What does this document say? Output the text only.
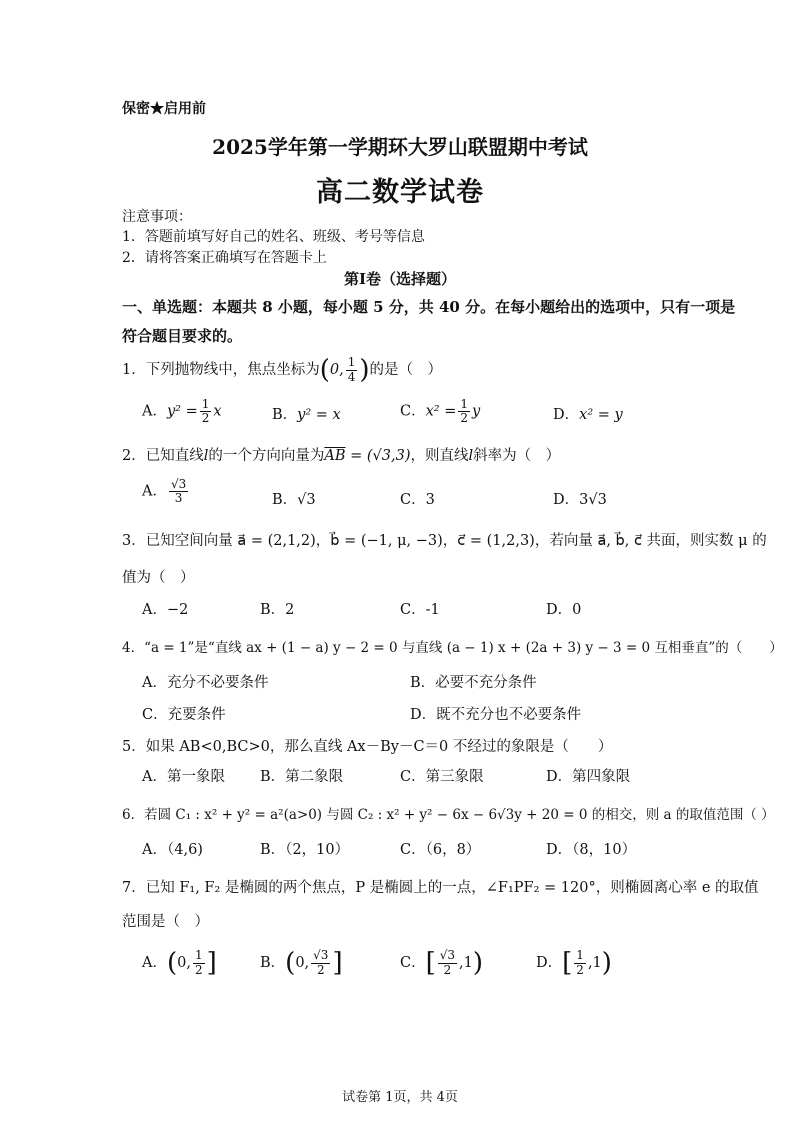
保密★启用前
2025学年第一学期环大罗山联盟期中考试
高二数学试卷
注意事项：
1．答题前填写好自己的姓名、班级、考号等信息
2．请将答案正确填写在答题卡上
第Ⅰ卷（选择题）
一、单选题：本题共 8 小题，每小题 5 分，共 40 分。在每小题给出的选项中，只有一项是
符合题目要求的。
1．下列抛物线中，焦点坐标为(0, $\frac{1}{4}$ )的是（　）
A．$y^2 = \frac{1}{2}$ x	B．y² = x	C．$x^2 = \frac{1}{2}$ y	D．x² = y
2．已知直线l的一个方向向量为$\overline{AB} = (√3,3)$，则直线l斜率为（　）
A． $\frac{√3}{3}$	B．√3	C．3	D．3√3
3．已知空间向量 a⃗ = (2,1,2)，b⃗ = (−1, μ, −3)，c⃗ = (1,2,3)，若向量 a⃗, b⃗, c⃗ 共面，则实数 μ 的
值为（　）
A．−2	B．2	C．-1	D．0
4．“a = 1”是“直线 ax + (1 − a) y − 2 = 0 与直线 (a − 1) x + (2a + 3) y − 3 = 0 互相垂直”的（　　）
A．充分不必要条件	B．必要不充分条件
C．充要条件	D．既不充分也不必要条件
5．如果 AB<0,BC>0，那么直线 Ax－By－C＝0 不经过的象限是（　　）
A．第一象限 B．第二象限	C．第三象限	D．第四象限
6．若圆 C₁ : x² + y² = a²(a>0) 与圆 C₂ : x² + y² − 6x − 6√3y + 20 = 0 的相交，则 a 的取值范围（ ）
A．（4,6)	B．（2，10）	C．（6，8）	D．（8，10）
7．已知 F₁, F₂ 是椭圆的两个焦点，P 是椭圆上的一点，∠F₁PF₂ = 120°，则椭圆离心率 e 的取值
范围是（　）
A．(0, $\frac{1}{2}$ ]	B．(0, $\frac{√3}{2}$ ]	C．[ $\frac{√3}{2} ,1$)	D．[ $\frac{1}{2} ,1$)
试卷第 1页，共 4页
